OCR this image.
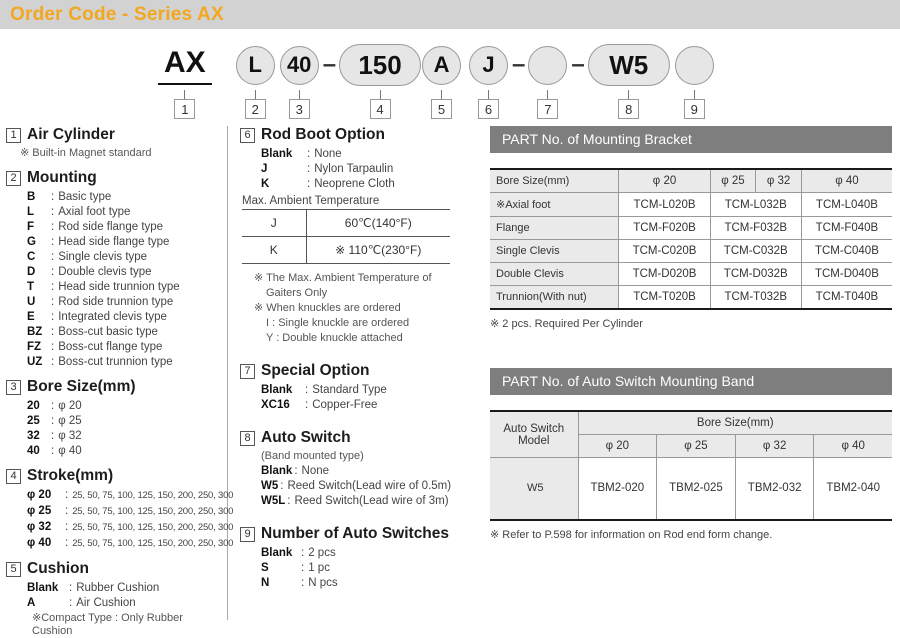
Order Code - Series AX
AX
1
L
2
40
3
– 150
4
A
5
J
6
–
7
– W5
8	9
1 Air Cylinder
※ Built-in Magnet standard
2 Mounting
B	: Basic type
L	: Axial foot type
F	: Rod side flange type
G	: Head side flange type
C	: Single clevis type
D	: Double clevis type
T	: Head side trunnion type
U	: Rod side trunnion type
E	: Integrated clevis type
BZ : Boss-cut basic type
FZ : Boss-cut flange type
UZ : Boss-cut trunnion type
3 Bore Size(mm)
20 : φ 20
25 : φ 25
32 : φ 32
40 : φ 40
4 Stroke(mm)
φ 20	: 25, 50, 75, 100, 125, 150, 200, 250, 300
φ 25	: 25, 50, 75, 100, 125, 150, 200, 250, 300
φ 32	: 25, 50, 75, 100, 125, 150, 200, 250, 300
φ 40	: 25, 50, 75, 100, 125, 150, 200, 250, 300
5 Cushion
Blank : Rubber Cushion
A	: Air Cushion
※Compact Type : Only Rubber Cushion
6 Rod Boot Option
Blank	: None
J	: Nylon Tarpaulin
K	: Neoprene Cloth
Max. Ambient Temperature
J	60℃(140°F)
K	※ 110℃(230°F)
※ The Max. Ambient Temperature of
Gaiters Only
※ When knuckles are ordered
I : Single knuckle are ordered
Y : Double knuckle attached
7 Special Option
Blank	: Standard Type
XC16	: Copper-Free
8 Auto Switch
(Band mounted type)
Blank : None
W5 : Reed Switch(Lead wire of 0.5m)
W5L : Reed Switch(Lead wire of 3m)
9 Number of Auto Switches
Blank : 2 pcs
S	: 1 pc
N	: N pcs
PART No. of Mounting Bracket
Bore Size(mm)	φ 20	φ 25	φ 32	φ 40
※Axial foot	TCM-L020B	TCM-L032B		TCM-L040B
Flange	TCM-F020B	TCM-F032B		TCM-F040B
Single Clevis	TCM-C020B	TCM-C032B		TCM-C040B
Double Clevis	TCM-D020B	TCM-D032B		TCM-D040B
Trunnion(With nut)	TCM-T020B	TCM-T032B		TCM-T040B
※ 2 pcs. Required Per Cylinder
PART No. of Auto Switch Mounting Band
Auto Switch Model	Bore Size(mm)			
	φ 20	φ 25	φ 32	φ 40
W5	TBM2-020	TBM2-025	TBM2-032	TBM2-040
※ Refer to P.598 for information on Rod end form change.
